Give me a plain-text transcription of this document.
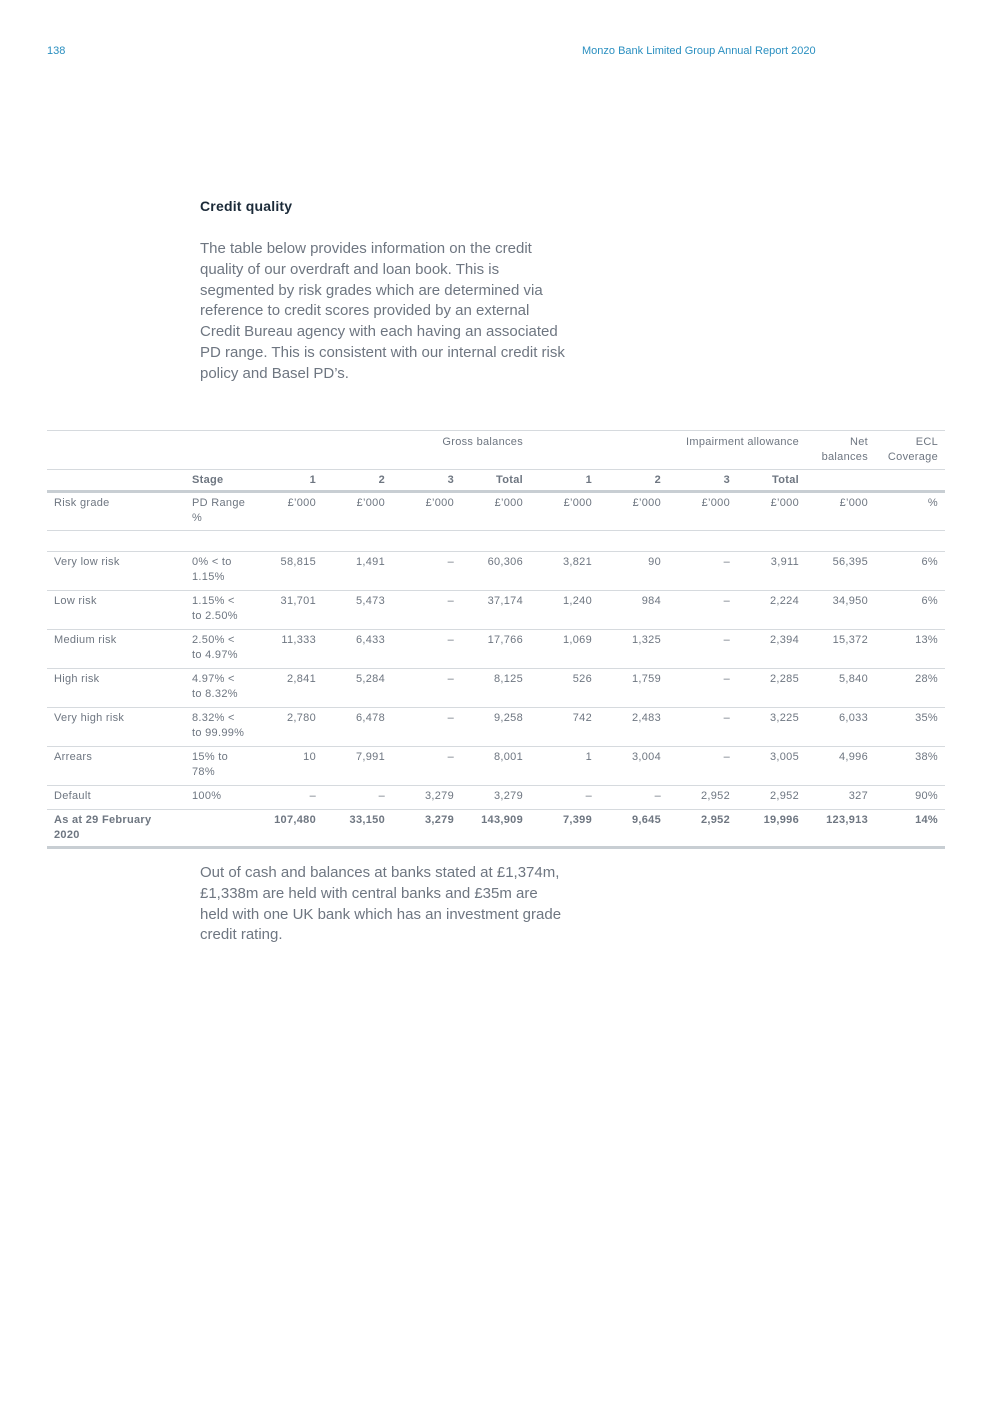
138	Monzo Bank Limited Group Annual Report 2020
Credit quality
The table below provides information on the credit quality of our overdraft and loan book. This is segmented by risk grades which are determined via reference to credit scores provided by an external Credit Bureau agency with each having an associated PD range. This is consistent with our internal credit risk policy and Basel PD’s.
		Gross balances				Impairment allowance				Net balances	ECL Coverage
	Stage	1	2	3	Total	1	2	3	Total		
Risk grade	PD Range %	£’000	£’000	£’000	£’000	£’000	£’000	£’000	£’000	£’000	%

Very low risk	0% < to 1.15%	58,815	1,491	–	60,306	3,821	90	–	3,911	56,395	6%
Low risk	1.15% < to 2.50%	31,701	5,473	–	37,174	1,240	984	–	2,224	34,950	6%
Medium risk	2.50% < to 4.97%	11,333	6,433	–	17,766	1,069	1,325	–	2,394	15,372	13%
High risk	4.97% < to 8.32%	2,841	5,284	–	8,125	526	1,759	–	2,285	5,840	28%
Very high risk	8.32% < to 99.99%	2,780	6,478	–	9,258	742	2,483	–	3,225	6,033	35%
Arrears	15% to 78%	10	7,991	–	8,001	1	3,004	–	3,005	4,996	38%
Default	100%	–	–	3,279	3,279	–	–	2,952	2,952	327	90%
As at 29 February 2020		107,480	33,150	3,279	143,909	7,399	9,645	2,952	19,996	123,913	14%
Out of cash and balances at banks stated at £1,374m, £1,338m are held with central banks and £35m are held with one UK bank which has an investment grade credit rating.
